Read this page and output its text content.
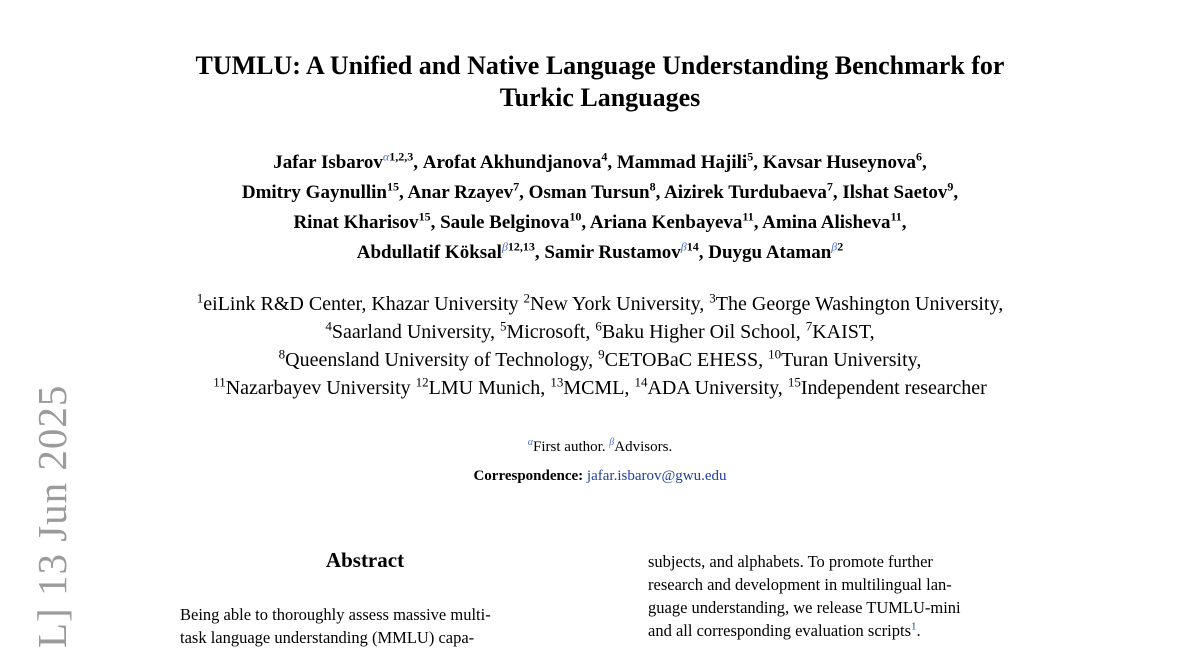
TUMLU: A Unified and Native Language Understanding Benchmark for
Turkic Languages
Jafar Isbarov$^{\alpha 1,2,3}$, Arofat Akhundjanova$^4$, Mammad Hajili$^5$, Kavsar Huseynova$^6$,
Dmitry Gaynullin$^{15}$, Anar Rzayev$^7$, Osman Tursun$^8$, Aizirek Turdubaeva$^7$, Ilshat Saetov$^9$,
Rinat Kharisov$^{15}$, Saule Belginova$^{10}$, Ariana Kenbayeva$^{11}$, Amina Alisheva$^{11}$,
Abdullatif Köksal$^{\beta 12,13}$, Samir Rustamov$^{\beta 14}$, Duygu Ataman$^{\beta 2}$
$^1$eiLink R&D Center, Khazar University $^2$New York University, $^3$The George Washington University,
$^4$Saarland University, $^5$Microsoft, $^6$Baku Higher Oil School, $^7$KAIST,
$^8$Queensland University of Technology, $^9$CETOBaC EHESS, $^{10}$Turan University,
$^{11}$Nazarbayev University $^{12}$LMU Munich, $^{13}$MCML, $^{14}$ADA University, $^{15}$Independent researcher
$^\alpha$First author. $^\beta$Advisors.
Correspondence: jafar.isbarov@gwu.edu
Abstract
Being able to thoroughly assess massive multi-
task language understanding (MMLU) capa-
subjects, and alphabets. To promote further
research and development in multilingual lan-
guage understanding, we release TUMLU-mini
and all corresponding evaluation scripts$^1$.
L] 13 Jun 2025
